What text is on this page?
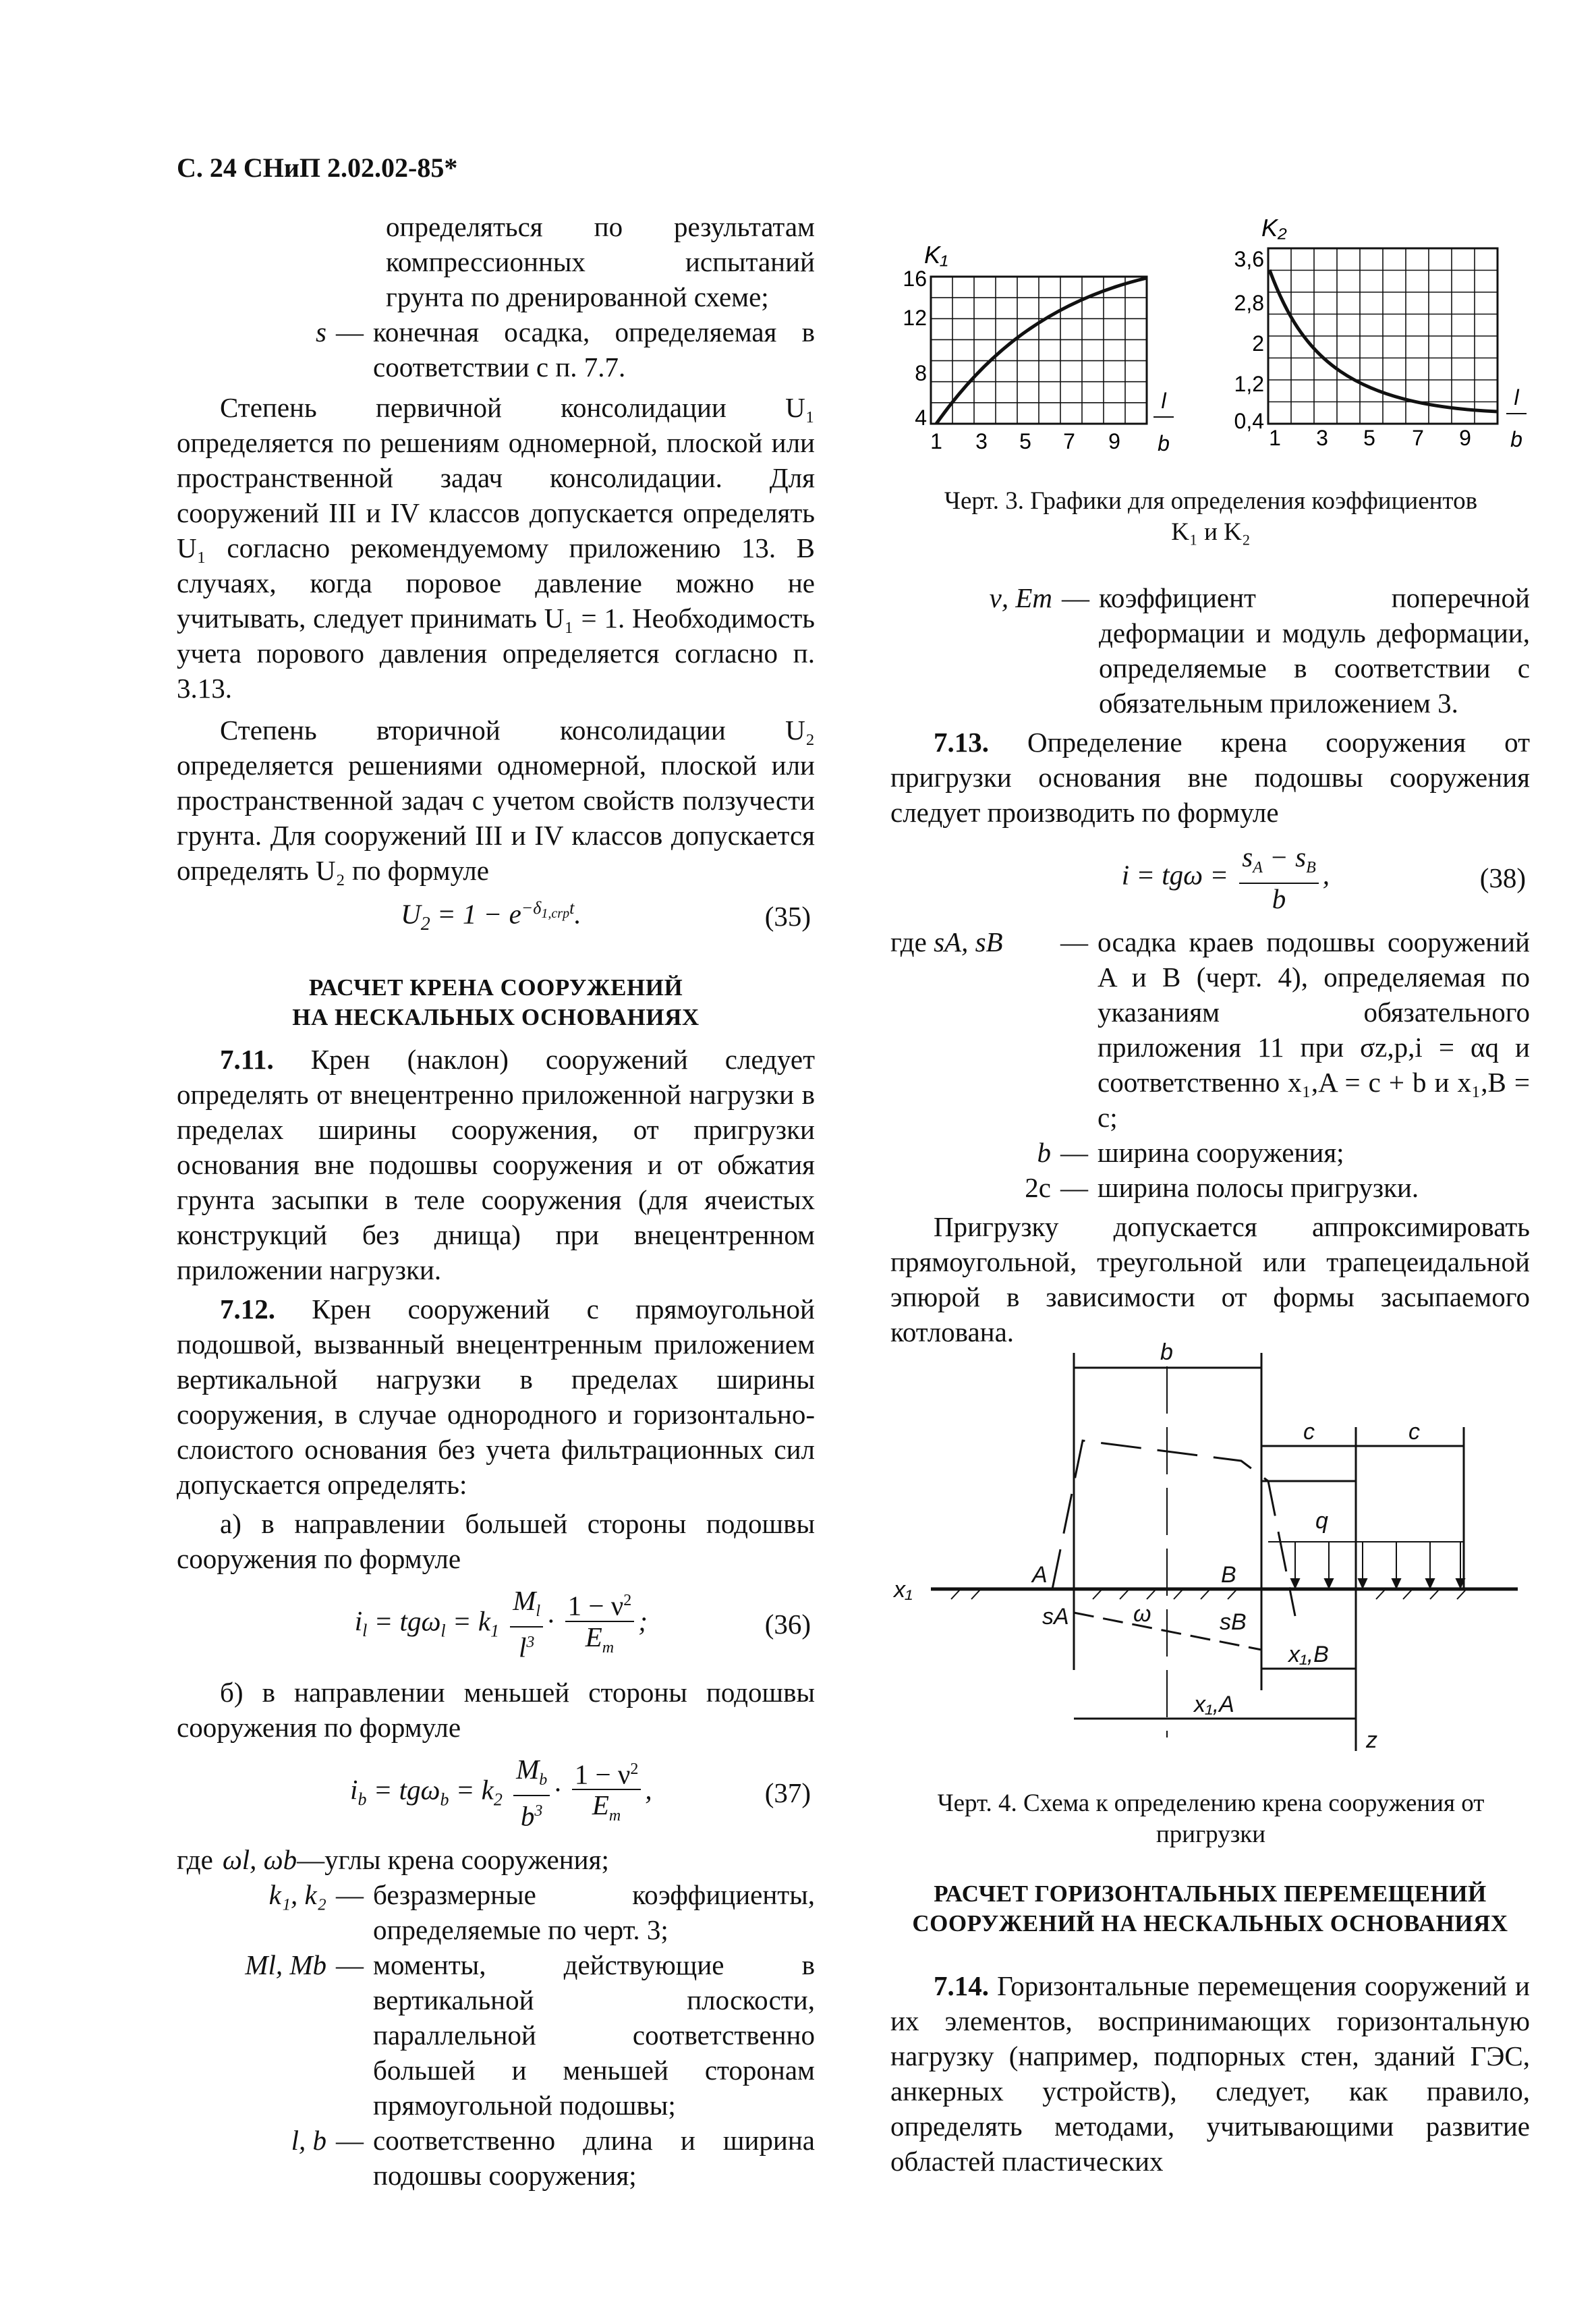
С. 24 СНиП 2.02.02-85*
определяться по результатам
компрессионных испытаний
грунта по дренированной схеме;
s — конечная осадка, определяемая в соответствии с п. 7.7.

Степень первичной консолидации U₁ определяется по решениям одномерной, плоской или пространственной задач консолидации. Для сооружений III и IV классов допускается определять U₁ согласно рекомендуемому приложению 13. В случаях, когда поровое давление можно не учитывать, следует принимать U₁ = 1. Необходимость учета порового давления определяется согласно п. 3.13.

Степень вторичной консолидации U₂ определяется решениями одномерной, плоской или пространственной задач с учетом свойств ползучести грунта. Для сооружений III и IV классов допускается определять U₂ по формуле

$U_2 = 1 - e^{-\delta_{1,crp}t}$.	(35)

РАСЧЕТ КРЕНА СООРУЖЕНИЙ

НА НЕСКАЛЬНЫХ ОСНОВАНИЯХ

7.11. Крен (наклон) сооружений следует определять от внецентренно приложенной нагрузки в пределах ширины сооружения, от пригрузки основания вне подошвы сооружения и от обжатия грунта засыпки в теле сооружения (для ячеистых конструкций без днища) при внецентренном приложении нагрузки.

7.12. Крен сооружений с прямоугольной подошвой, вызванный внецентренным приложением вертикальной нагрузки в пределах ширины сооружения, в случае однородного и горизонтально-слоистого основания без учета фильтрационных сил допускается определять:

а) в направлении большей стороны подошвы сооружения по формуле

$i_l = tg\omega_l = k_1 \frac{M_l}{l^3} \cdot \frac{1 - \nu^2}{E_m}$ ;	(36)

б) в направлении меньшей стороны подошвы сооружения по формуле

$i_b = tg\omega_b = k_2 \frac{M_b}{b^3} \cdot \frac{1 - \nu^2}{E_m}$ ,	(37)
где ωl, ωb —углы крена сооружения;
k₁, k₂ — безразмерные коэффициенты, определяемые по черт. 3;
Ml, Mb — моменты, действующие в вертикальной плоскости, параллельной соответственно большей и меньшей сторонам прямоугольной подошвы;
l, b — соответственно длина и ширина подошвы сооружения;
K₁
16
12
8
4
1 3 5 7 9
l
b
K₂
3,6
2,8
2
1,2
0,4
1 3 5 7 9
l
b
Черт. 3. Графики для определения коэффициентов
K₁ и K₂
ν, Em — коэффициент поперечной деформации и модуль деформации, определяемые в соответствии с обязательным приложением 3.

7.13. Определение крена сооружения от пригрузки основания вне подошвы сооружения следует производить по формуле

$i = tg\omega = \frac{s_A - s_B}{b}$ ,	(38)
где sA, sB	— осадка краев подошвы сооружений A и B (черт. 4), определяемая по указаниям обязательного приложения 11 при σz,p,i = αq и соответственно x₁,A = c + b и x₁,B = c;
b — ширина сооружения;
2c — ширина полосы пригрузки.

Пригрузку допускается аппроксимировать прямоугольной, треугольной или трапецеидальной эпюрой в зависимости от формы засыпаемого котлована.

b
c	c
q
A	B
x₁
sA	ω	sB
x₁,B
x₁,A
z
Черт. 4. Схема к определению крена сооружения от
пригрузки

РАСЧЕТ ГОРИЗОНТАЛЬНЫХ ПЕРЕМЕЩЕНИЙ

СООРУЖЕНИЙ НА НЕСКАЛЬНЫХ ОСНОВАНИЯХ

7.14. Горизонтальные перемещения сооружений и их элементов, воспринимающих горизонтальную нагрузку (например, подпорных стен, зданий ГЭС, анкерных устройств), следует, как правило, определять методами, учитывающими развитие областей пластических
